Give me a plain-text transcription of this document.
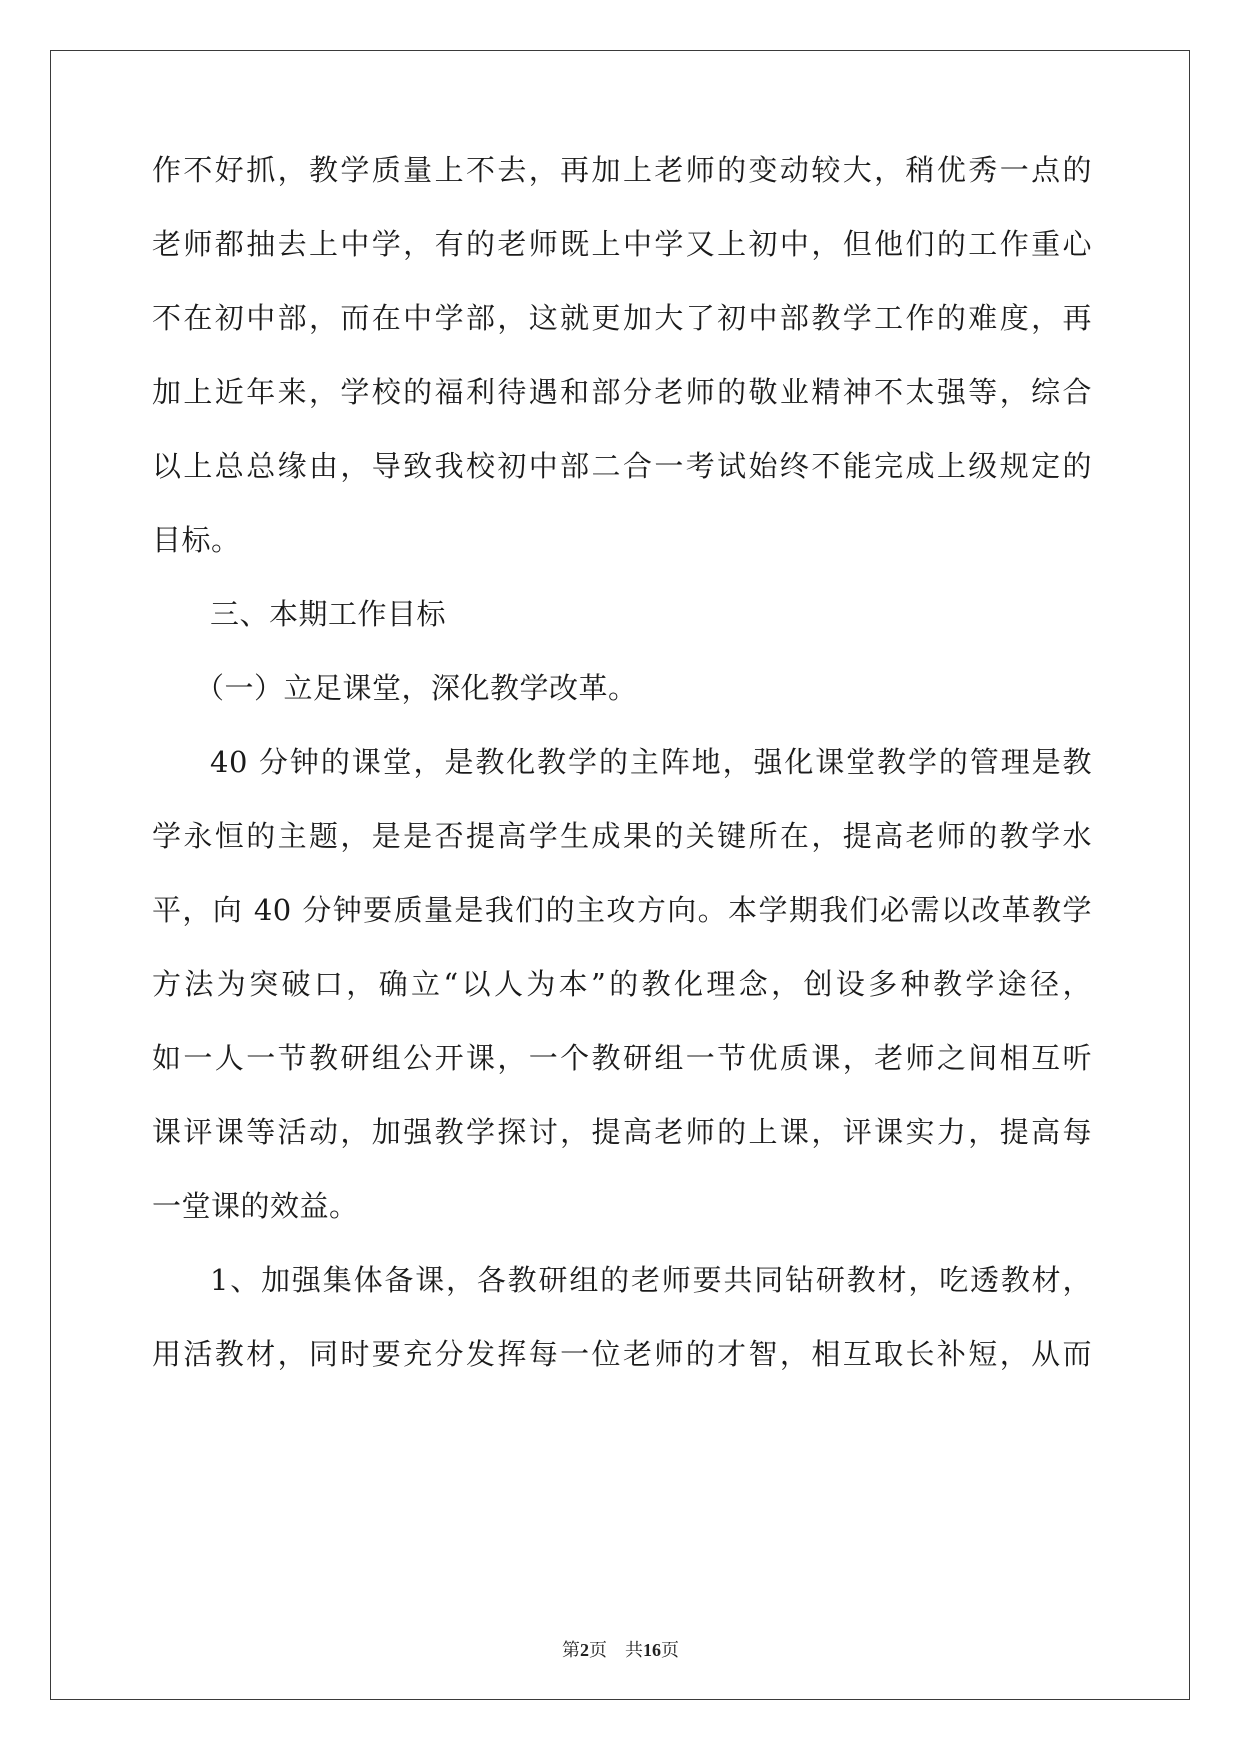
作不好抓，教学质量上不去，再加上老师的变动较大，稍优秀一点的
老师都抽去上中学，有的老师既上中学又上初中，但他们的工作重心
不在初中部，而在中学部，这就更加大了初中部教学工作的难度，再
加上近年来，学校的福利待遇和部分老师的敬业精神不太强等，综合
以上总总缘由，导致我校初中部二合一考试始终不能完成上级规定的
目标。
三、本期工作目标
（一）立足课堂，深化教学改革。
40 分钟的课堂，是教化教学的主阵地，强化课堂教学的管理是教
学永恒的主题，是是否提高学生成果的关键所在，提高老师的教学水
平，向 40 分钟要质量是我们的主攻方向。本学期我们必需以改革教学
方法为突破口，确立“以人为本”的教化理念，创设多种教学途径，
如一人一节教研组公开课，一个教研组一节优质课，老师之间相互听
课评课等活动，加强教学探讨，提高老师的上课，评课实力，提高每
一堂课的效益。
1、加强集体备课，各教研组的老师要共同钻研教材，吃透教材，
用活教材，同时要充分发挥每一位老师的才智，相互取长补短，从而
第2页 共16页
